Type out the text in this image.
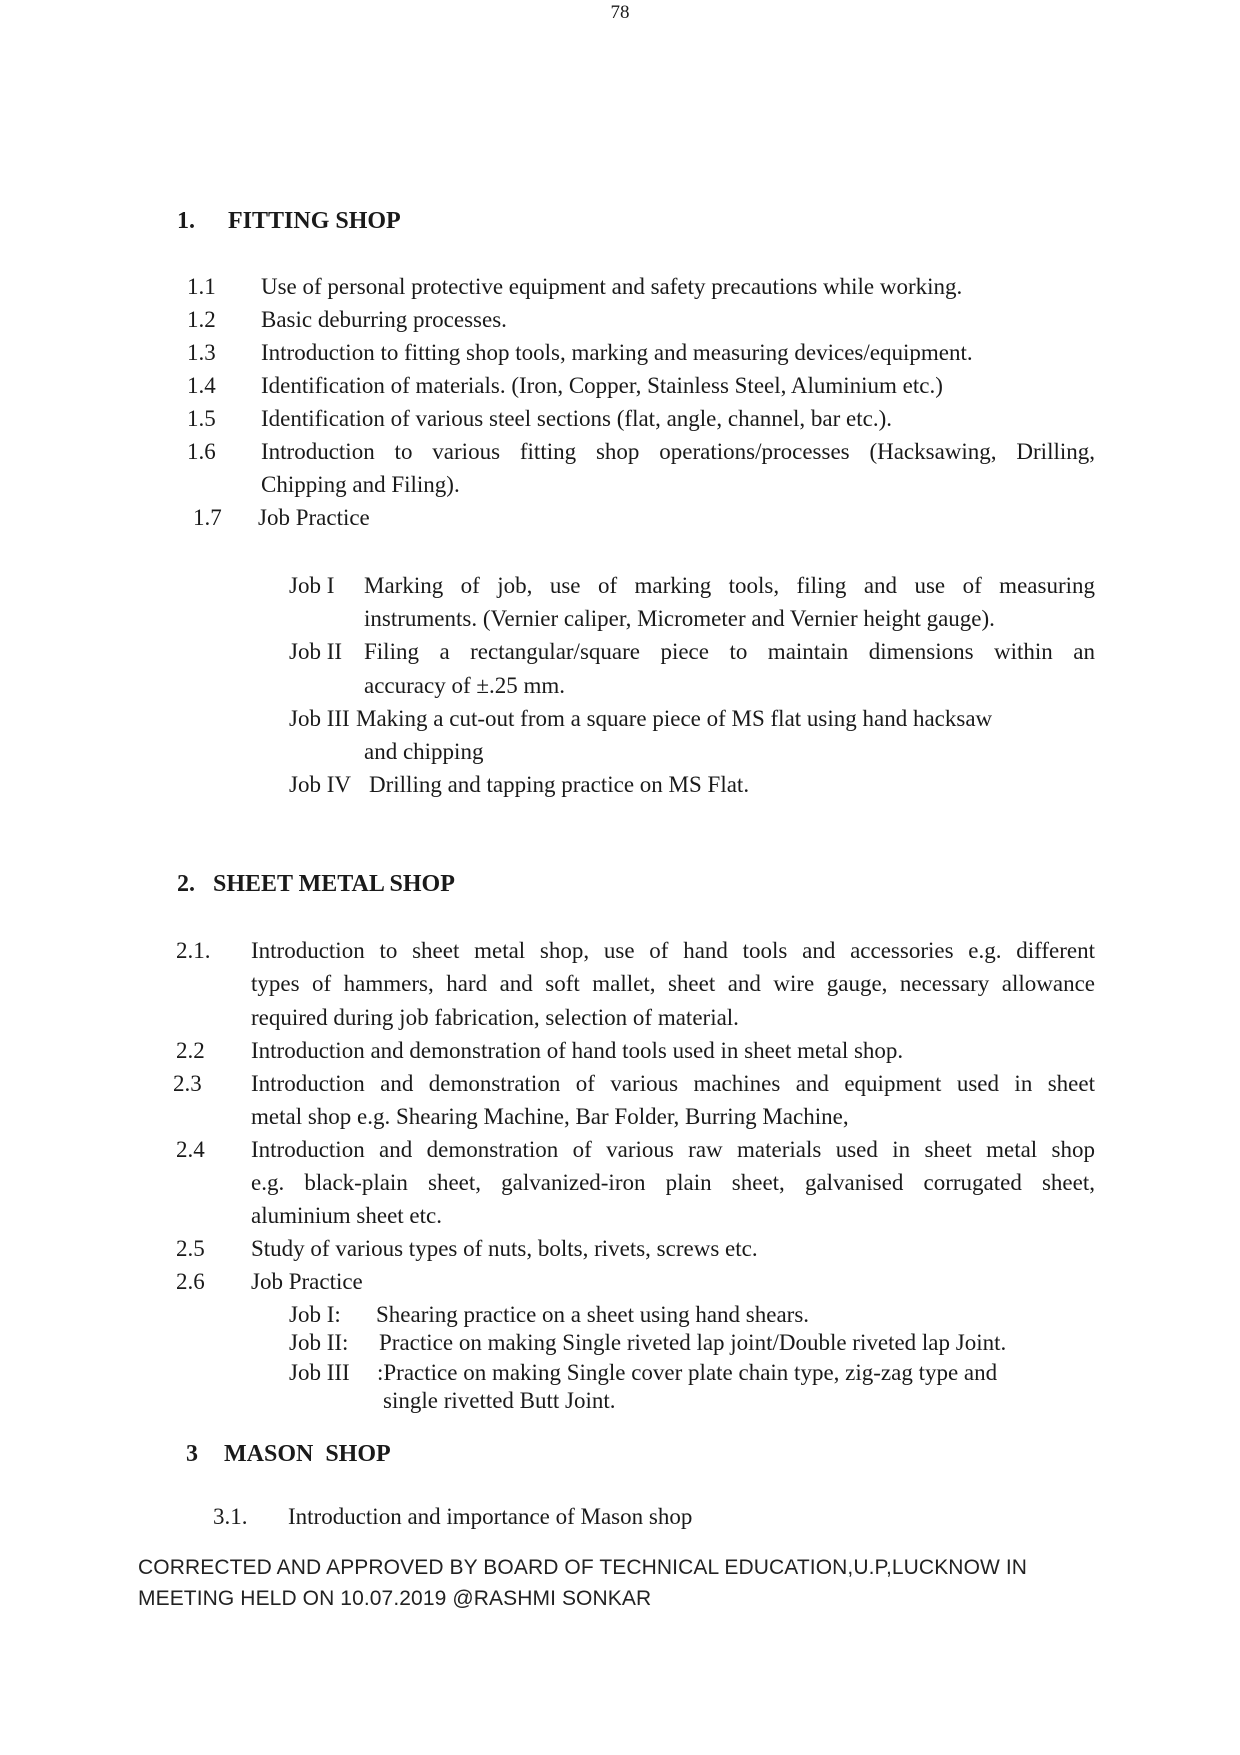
78
1. FITTING SHOP
1.1 Use of personal protective equipment and safety precautions while working.
1.2 Basic deburring processes.
1.3 Introduction to fitting shop tools, marking and measuring devices/equipment.
1.4 Identification of materials. (Iron, Copper, Stainless Steel, Aluminium etc.)
1.5 Identification of various steel sections (flat, angle, channel, bar etc.).
1.6 Introduction to various fitting shop operations/processes (Hacksawing, Drilling,
Chipping and Filing).
1.7 Job Practice
Job I Marking of job, use of marking tools, filing and use of measuring
instruments. (Vernier caliper, Micrometer and Vernier height gauge).
Job II Filing a rectangular/square piece to maintain dimensions within an
accuracy of ±.25 mm.
Job III Making a cut-out from a square piece of MS flat using hand hacksaw
and chipping
Job IV Drilling and tapping practice on MS Flat.
2. SHEET METAL SHOP
2.1. Introduction to sheet metal shop, use of hand tools and accessories e.g. different
types of hammers, hard and soft mallet, sheet and wire gauge, necessary allowance
required during job fabrication, selection of material.
2.2 Introduction and demonstration of hand tools used in sheet metal shop.
2.3 Introduction and demonstration of various machines and equipment used in sheet
metal shop e.g. Shearing Machine, Bar Folder, Burring Machine,
2.4 Introduction and demonstration of various raw materials used in sheet metal shop
e.g. black-plain sheet, galvanized-iron plain sheet, galvanised corrugated sheet,
aluminium sheet etc.
2.5 Study of various types of nuts, bolts, rivets, screws etc.
2.6 Job Practice
Job I: Shearing practice on a sheet using hand shears.
Job II: Practice on making Single riveted lap joint/Double riveted lap Joint.
Job III :Practice on making Single cover plate chain type, zig-zag type and
single rivetted Butt Joint.
3 MASON  SHOP
3.1. Introduction and importance of Mason shop
CORRECTED AND APPROVED BY BOARD OF TECHNICAL EDUCATION,U.P,LUCKNOW IN
MEETING HELD ON 10.07.2019 @RASHMI SONKAR
